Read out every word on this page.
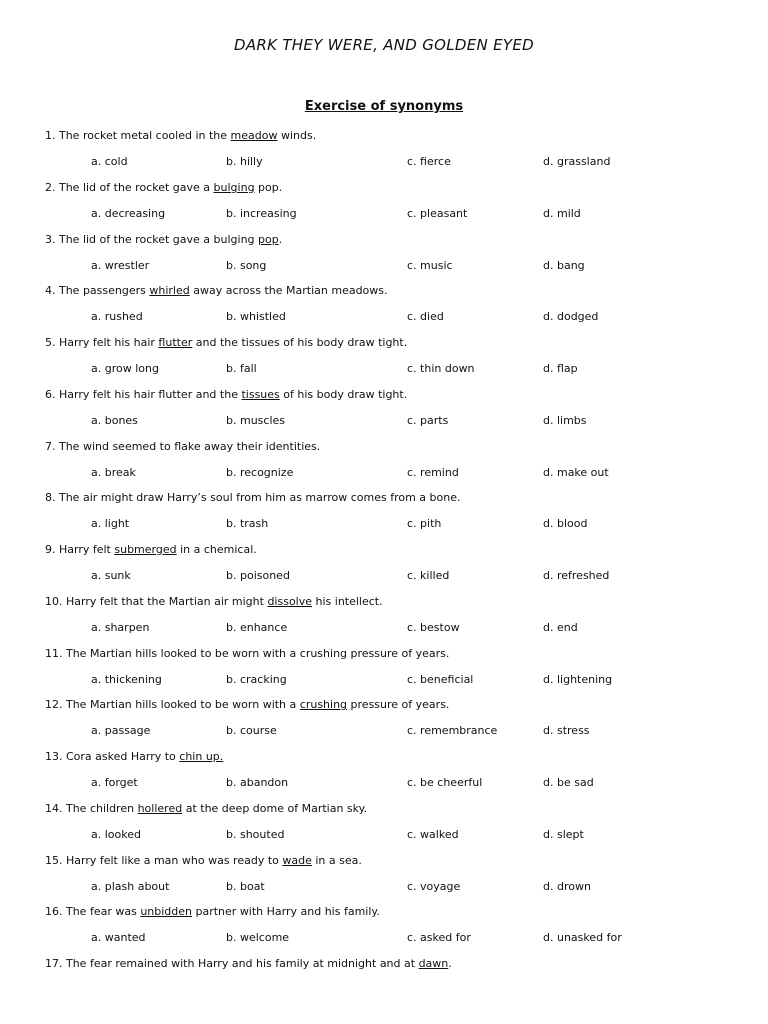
DARK THEY WERE, AND GOLDEN EYED
Exercise of synonyms
1. The rocket metal cooled in the meadow winds.
a. cold	b. hilly	c. fierce	d. grassland
2. The lid of the rocket gave a bulging pop.
a. decreasing	b. increasing	c. pleasant	d. mild
3. The lid of the rocket gave a bulging pop.
a. wrestler	b. song	c. music	d. bang
4. The passengers whirled away across the Martian meadows.
a. rushed	b. whistled	c. died	d. dodged
5. Harry felt his hair flutter and the tissues of his body draw tight.
a. grow long	b. fall	c. thin down	d. flap
6. Harry felt his hair flutter and the tissues of his body draw tight.
a. bones	b. muscles	c. parts	d. limbs
7. The wind seemed to flake away their identities.
a. break	b. recognize	c. remind	d. make out
8. The air might draw Harry’s soul from him as marrow comes from a bone.
a. light	b. trash	c. pith	d. blood
9. Harry felt submerged in a chemical.
a. sunk	b. poisoned	c. killed	d. refreshed
10. Harry felt that the Martian air might dissolve his intellect.
a. sharpen	b. enhance	c. bestow	d. end
11. The Martian hills looked to be worn with a crushing pressure of years.
a. thickening	b. cracking	c. beneficial	d. lightening
12. The Martian hills looked to be worn with a crushing pressure of years.
a. passage	b. course	c. remembrance	d. stress
13. Cora asked Harry to chin up.
a. forget	b. abandon	c. be cheerful	d. be sad
14. The children hollered at the deep dome of Martian sky.
a. looked	b. shouted	c. walked	d. slept
15. Harry felt like a man who was ready to wade in a sea.
a. plash about	b. boat	c. voyage	d. drown
16. The fear was unbidden partner with Harry and his family.
a. wanted	b. welcome	c. asked for	d. unasked for
17. The fear remained with Harry and his family at midnight and at dawn.
